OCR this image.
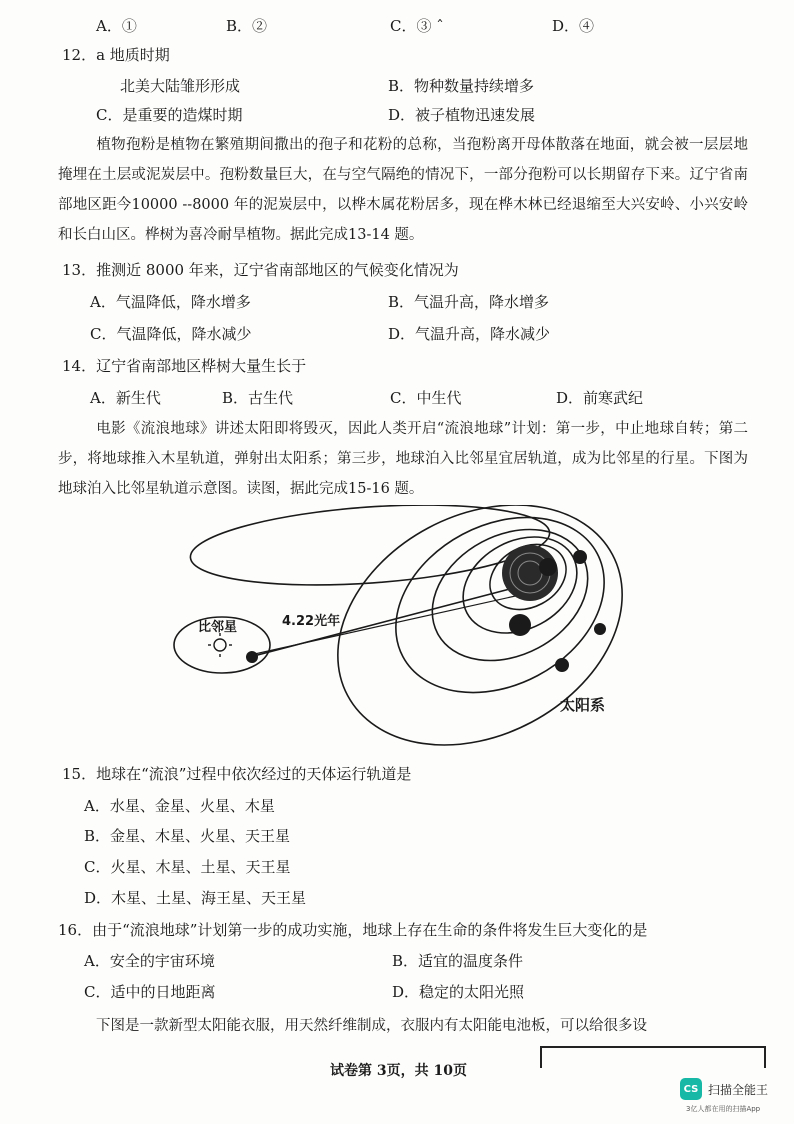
A．①	B．②	C．③ ˆ	D．④
12．a 地质时期
北美大陆雏形形成	B．物种数量持续增多
C．是重要的造煤时期	D．被子植物迅速发展
植物孢粉是植物在繁殖期间撒出的孢子和花粉的总称，当孢粉离开母体散落在地面，就会被一层层地掩埋在土层或泥炭层中。孢粉数量巨大，在与空气隔绝的情况下，一部分孢粉可以长期留存下来。辽宁省南部地区距今10000 --8000 年的泥炭层中，以桦木属花粉居多，现在桦木林已经退缩至大兴安岭、小兴安岭和长白山区。桦树为喜冷耐旱植物。据此完成13-14 题。
13．推测近 8000 年来，辽宁省南部地区的气候变化情况为
A．气温降低，降水增多	B．气温升高，降水增多
C．气温降低，降水减少	D．气温升高，降水减少
14．辽宁省南部地区桦树大量生长于
A．新生代	B．古生代	C．中生代	D．前寒武纪
电影《流浪地球》讲述太阳即将毁灭，因此人类开启“流浪地球”计划：第一步，中止地球自转；第二步，将地球推入木星轨道，弹射出太阳系；第三步，地球泊入比邻星宜居轨道，成为比邻星的行星。下图为地球泊入比邻星轨道示意图。读图，据此完成15-16 题。
比邻星	4.22光年
太阳系
15．地球在“流浪”过程中依次经过的天体运行轨道是
A．水星、金星、火星、木星
B．金星、木星、火星、天王星
C．火星、木星、土星、天王星
D．木星、土星、海王星、天王星
16．由于“流浪地球”计划第一步的成功实施，地球上存在生命的条件将发生巨大变化的是
A．安全的宇宙环境	B．适宜的温度条件
C．适中的日地距离	D．稳定的太阳光照
下图是一款新型太阳能衣服，用天然纤维制成，衣服内有太阳能电池板，可以给很多设
试卷第 3页，共 10页
CS 扫描全能王
3亿人都在用的扫描App
